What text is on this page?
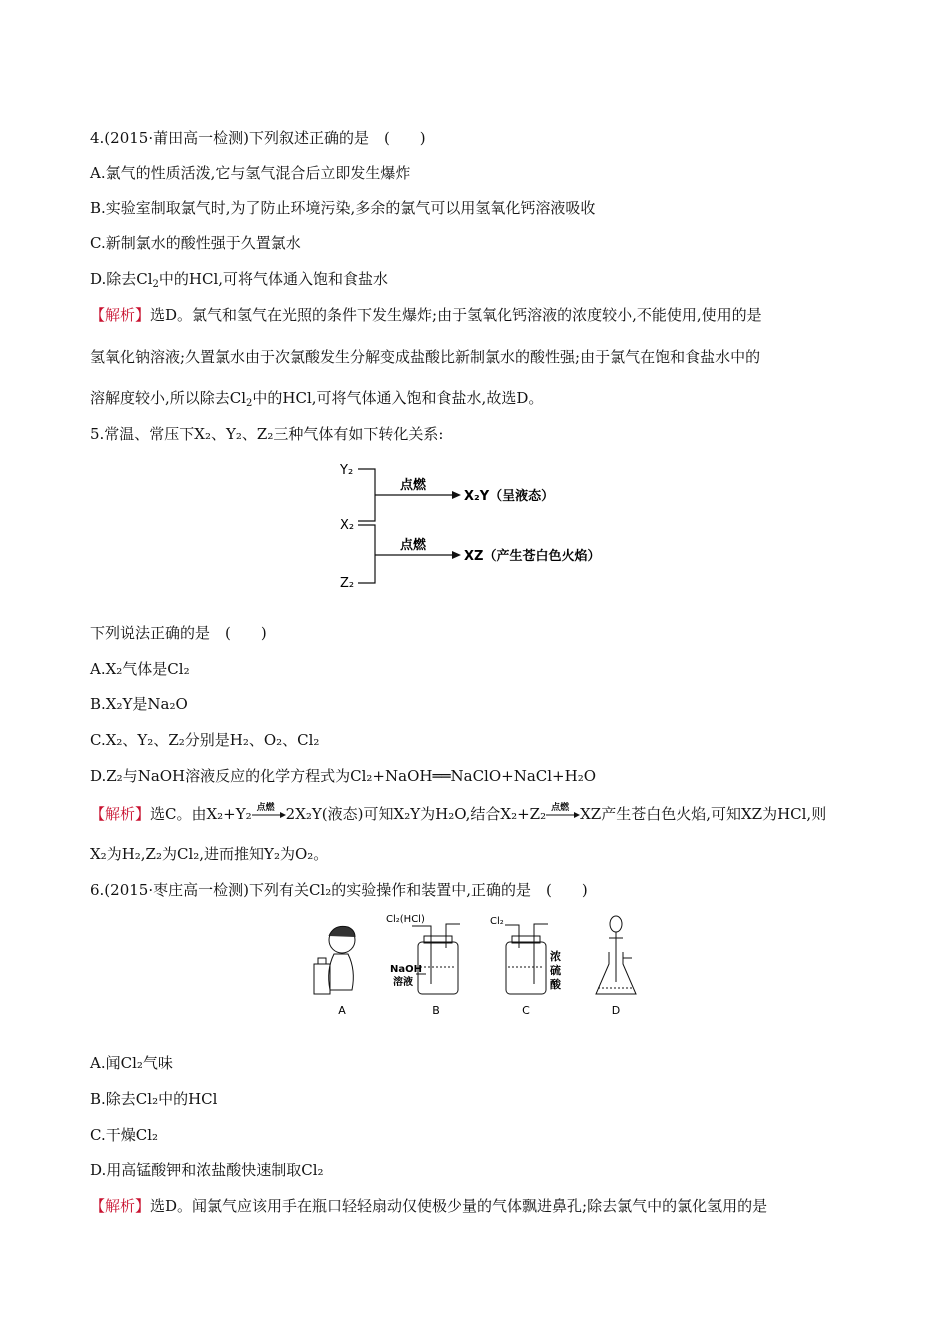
4.(2015·莆田高一检测)下列叙述正确的是　(　　)
A.氯气的性质活泼,它与氢气混合后立即发生爆炸
B.实验室制取氯气时,为了防止环境污染,多余的氯气可以用氢氧化钙溶液吸收
C.新制氯水的酸性强于久置氯水
D.除去$Cl_2$中的HCl,可将气体通入饱和食盐水
【解析】选D。氯气和氢气在光照的条件下发生爆炸;由于氢氧化钙溶液的浓度较小,不能使用,使用的是
氢氧化钠溶液;久置氯水由于次氯酸发生分解变成盐酸比新制氯水的酸性强;由于氯气在饱和食盐水中的
溶解度较小,所以除去$Cl_2$中的HCl,可将气体通入饱和食盐水,故选D。
5.常温、常压下X₂、Y₂、Z₂三种气体有如下转化关系:
Y₂
X₂
Z₂
点燃
点燃
X₂Y（呈液态）
XZ（产生苍白色火焰）
下列说法正确的是　(　　)
A.X₂气体是Cl₂
B.X₂Y是Na₂O
C.X₂、Y₂、Z₂分别是H₂、O₂、Cl₂
D.Z₂与NaOH溶液反应的化学方程式为Cl₂+NaOH══NaClO+NaCl+H₂O
【解析】选C。由X₂+Y₂ 点燃 2X₂Y(液态)可知X₂Y为H₂O,结合X₂+Z₂ 点燃 XZ产生苍白色火焰,可知XZ为HCl,则
X₂为H₂,Z₂为Cl₂,进而推知Y₂为O₂。
6.(2015·枣庄高一检测)下列有关Cl₂的实验操作和装置中,正确的是　(　　)
A
Cl₂(HCl)
NaOH
溶液
B
Cl₂
浓
硫
酸
C	D
A.闻Cl₂气味
B.除去Cl₂中的HCl
C.干燥Cl₂
D.用高锰酸钾和浓盐酸快速制取Cl₂
【解析】选D。闻氯气应该用手在瓶口轻轻扇动仅使极少量的气体飘进鼻孔;除去氯气中的氯化氢用的是
